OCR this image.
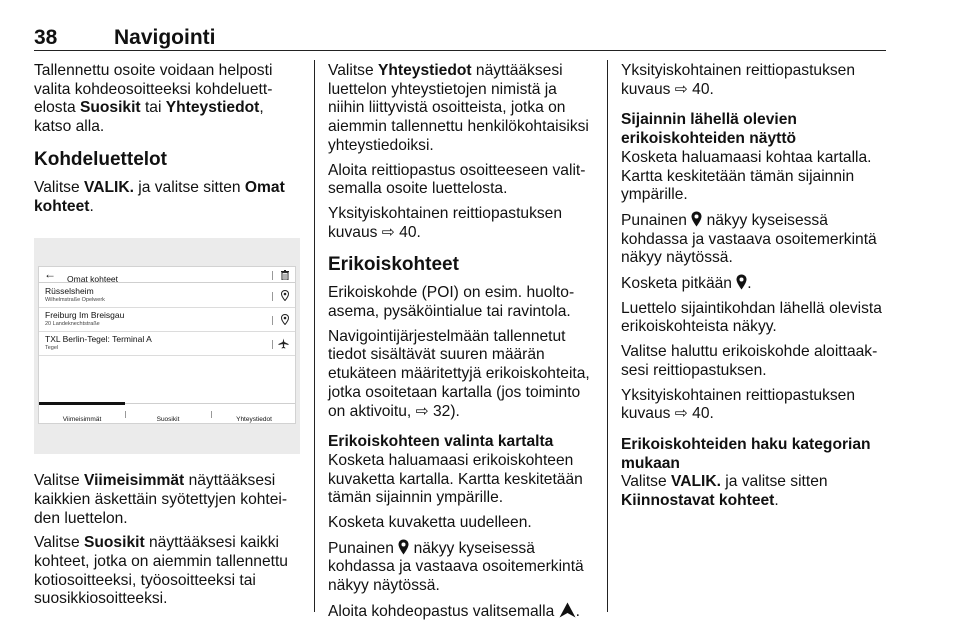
38	Navigointi
Tallennettu osoite voidaan helposti valita kohdeosoitteeksi kohdeluettelosta Suosikit tai Yhteystiedot, katso alla.
Kohdeluettelot
Valitse VALIK. ja valitse sitten Omat kohteet.
← Omat kohteet
Rüsselsheim
Wilhelmstraße Opelwerk
Freiburg Im Breisgau
20 Landeknechtstraße
TXL Berlin-Tegel: Terminal A
Tegel
Viimeisimmät	Suosikit	Yhteystiedot
Valitse Viimeisimmät näyttääksesi kaikkien äskettäin syötettyjen kohteiden luettelon.
Valitse Suosikit näyttääksesi kaikki kohteet, jotka on aiemmin tallennettu kotiosoitteeksi, työosoitteeksi tai suosikkiosoitteeksi.
Valitse Yhteystiedot näyttääksesi luettelon yhteystietojen nimistä ja niihin liittyvistä osoitteista, jotka on aiemmin tallennettu henkilökohtaisiksi yhteystiedoiksi.
Aloita reittiopastus osoitteeseen valitsemalla osoite luettelosta.
Yksityiskohtainen reittiopastuksen kuvaus ⇨ 40.
Erikoiskohteet
Erikoiskohde (POI) on esim. huoltoasema, pysäköintialue tai ravintola.
Navigointijärjestelmään tallennetut tiedot sisältävät suuren määrän etukäteen määritettyjä erikoiskohteita, jotka osoitetaan kartalla (jos toiminto on aktivoitu, ⇨ 32).
Erikoiskohteen valinta kartalta
Kosketa haluamaasi erikoiskohteen kuvaketta kartalla. Kartta keskitetään tämän sijainnin ympärille.
Kosketa kuvaketta uudelleen.
Punainen  näkyy kyseisessä kohdassa ja vastaava osoitemerkintä näkyy näytössä.
Aloita kohdeopastus valitsemalla .
Yksityiskohtainen reittiopastuksen kuvaus ⇨ 40.
Sijainnin lähellä olevien erikoiskohteiden näyttö
Kosketa haluamaasi kohtaa kartalla. Kartta keskitetään tämän sijainnin ympärille.
Punainen  näkyy kyseisessä kohdassa ja vastaava osoitemerkintä näkyy näytössä.
Kosketa pitkään .
Luettelo sijaintikohdan lähellä olevista erikoiskohteista näkyy.
Valitse haluttu erikoiskohde aloittaaksesi reittiopastuksen.
Yksityiskohtainen reittiopastuksen kuvaus ⇨ 40.
Erikoiskohteiden haku kategorian mukaan
Valitse VALIK. ja valitse sitten Kiinnostavat kohteet.
